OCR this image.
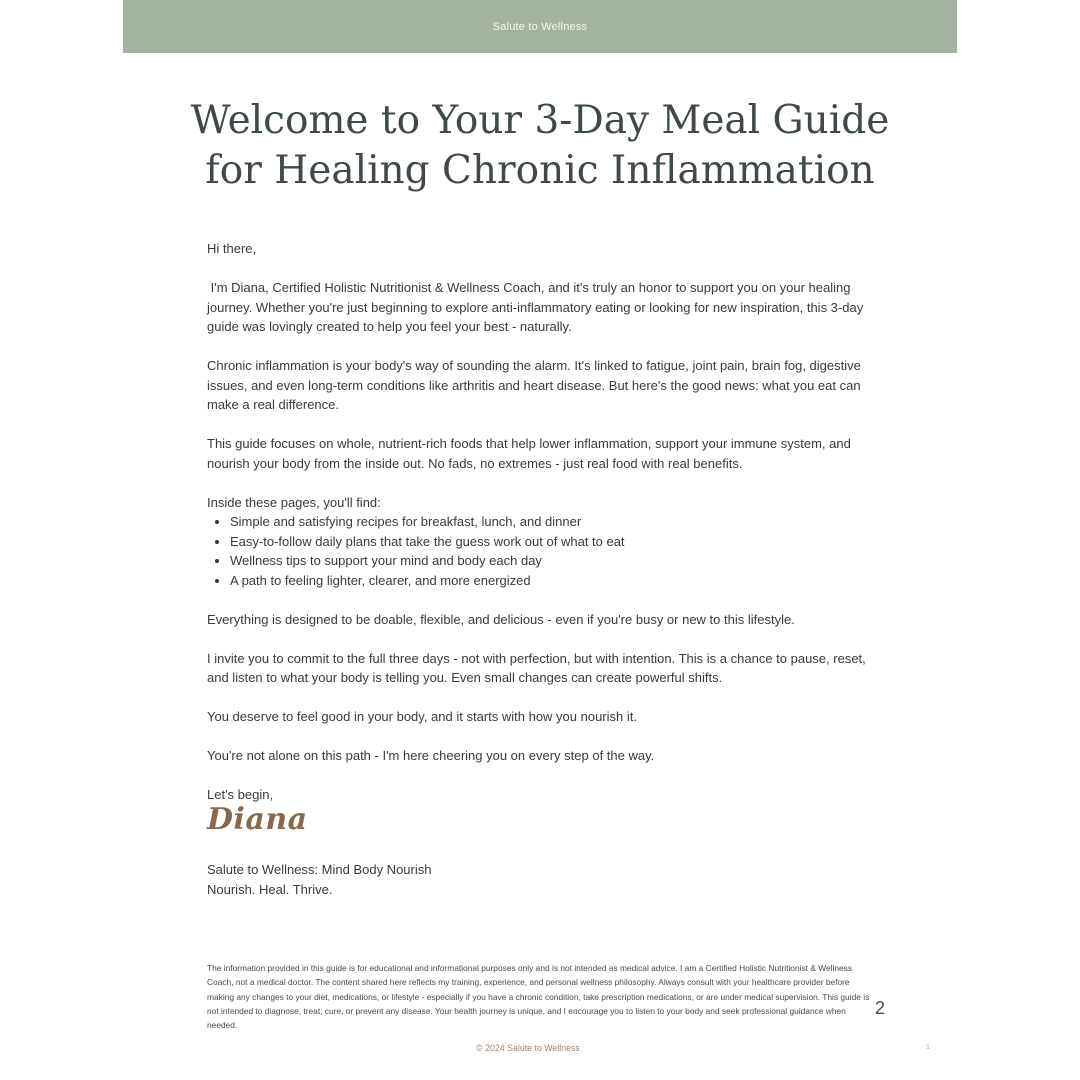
Salute to Wellness
Welcome to Your 3-Day Meal Guide
for Healing Chronic Inflammation

Hi there,

I'm Diana, Certified Holistic Nutritionist & Wellness Coach, and it's truly an honor to support you on your healing journey. Whether you're just beginning to explore anti-inflammatory eating or looking for new inspiration, this 3-day guide was lovingly created to help you feel your best - naturally.

Chronic inflammation is your body's way of sounding the alarm. It's linked to fatigue, joint pain, brain fog, digestive issues, and even long-term conditions like arthritis and heart disease. But here's the good news: what you eat can make a real difference.

This guide focuses on whole, nutrient-rich foods that help lower inflammation, support your immune system, and nourish your body from the inside out. No fads, no extremes - just real food with real benefits.

Inside these pages, you'll find:
• Simple and satisfying recipes for breakfast, lunch, and dinner
• Easy-to-follow daily plans that take the guess work out of what to eat
• Wellness tips to support your mind and body each day
• A path to feeling lighter, clearer, and more energized

Everything is designed to be doable, flexible, and delicious - even if you're busy or new to this lifestyle.

I invite you to commit to the full three days - not with perfection, but with intention. This is a chance to pause, reset, and listen to what your body is telling you. Even small changes can create powerful shifts.

You deserve to feel good in your body, and it starts with how you nourish it.

You're not alone on this path - I'm here cheering you on every step of the way.

Let's begin,

Diana
Salute to Wellness: Mind Body Nourish
Nourish. Heal. Thrive.
The information provided in this guide is for educational and informational purposes only and is not intended as medical advice. I am a Certified Holistic Nutritionist & Wellness Coach, not a medical doctor. The content shared here reflects my training, experience, and personal wellness philosophy. Always consult with your healthcare provider before making any changes to your diet, medications, or lifestyle - especially if you have a chronic condition, take prescription medications, or are under medical supervision. This guide is not intended to diagnose, treat, cure, or prevent any disease. Your health journey is unique, and I encourage you to listen to your body and seek professional guidance when needed.
2
© 2024 Salute to Wellness	1
